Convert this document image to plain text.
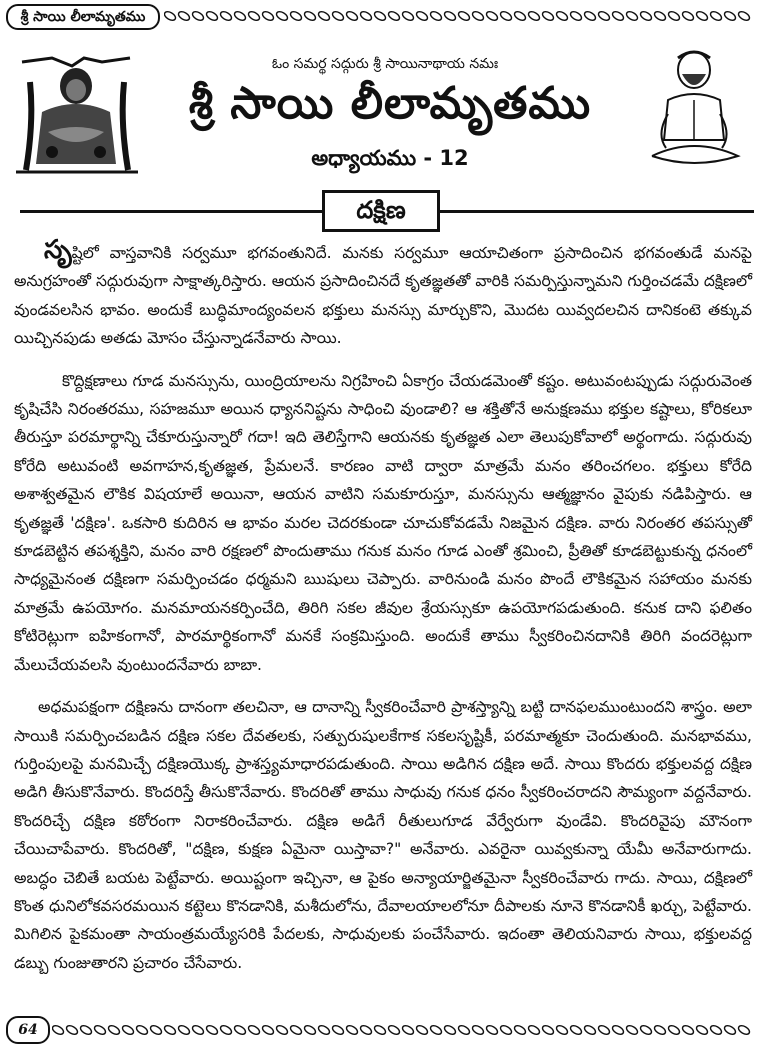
శ్రీ సాయి లీలామృతము
ఓం సమర్థ సద్గురు శ్రీ సాయినాథాయ నమః
శ్రీ సాయి లీలామృతము
అధ్యాయము - 12
దక్షిణ

సృష్టిలో వాస్తవానికి సర్వమూ భగవంతునిదే. మనకు సర్వమూ ఆయాచితంగా ప్రసాదించిన భగవంతుడే మనపై అనుగ్రహంతో సద్గురువుగా సాక్షాత్కరిస్తారు. ఆయన ప్రసాదించినదే కృతజ్ఞతతో వారికి సమర్పిస్తున్నామని గుర్తించడమే దక్షిణలో వుండవలసిన భావం. అందుకే బుద్ధిమాంద్యంవలన భక్తులు మనస్సు మార్చుకొని, మొదట యివ్వదలచిన దానికంటె తక్కువ యిచ్చినపుడు అతడు మోసం చేస్తున్నాడనేవారు సాయి.

కొద్దిక్షణాలు గూడ మనస్సును, యింద్రియాలను నిగ్రహించి ఏకాగ్రం చేయడమెంతో కష్టం. అటువంటప్పుడు సద్గురువెంత కృషిచేసి నిరంతరము, సహజమూ అయిన ధ్యాననిష్టను సాధించి వుండాలి? ఆ శక్తితోనే అనుక్షణము భక్తుల కష్టాలు, కోరికలూ తీరుస్తూ పరమార్థాన్ని చేకూరుస్తున్నారో గదా! ఇది తెలిస్తేగాని ఆయనకు కృతజ్ఞత ఎలా తెలుపుకోవాలో అర్థంగాదు. సద్గురువు కోరేది అటువంటి అవగాహన,కృతజ్ఞత, ప్రేమలనే. కారణం వాటి ద్వారా మాత్రమే మనం తరించగలం. భక్తులు కోరేది అశాశ్వతమైన లౌకిక విషయాలే అయినా, ఆయన వాటిని సమకూరుస్తూ, మనస్సును ఆత్మజ్ఞానం వైపుకు నడిపిస్తారు. ఆ కృతజ్ఞతే 'దక్షిణ'. ఒకసారి కుదిరిన ఆ భావం మరల చెదరకుండా చూచుకోవడమే నిజమైన దక్షిణ. వారు నిరంతర తపస్సుతో కూడబెట్టిన తపశ్శక్తిని, మనం వారి రక్షణలో పొందుతాము గనుక మనం గూడ ఎంతో శ్రమించి, ప్రీతితో కూడబెట్టుకున్న ధనంలో సాధ్యమైనంత దక్షిణగా సమర్పించడం ధర్మమని ఋషులు చెప్పారు. వారినుండి మనం పొందే లౌకికమైన సహాయం మనకు మాత్రమే ఉపయోగం. మనమాయనకర్పించేది, తిరిగి సకల జీవుల శ్రేయస్సుకూ ఉపయోగపడుతుంది. కనుక దాని ఫలితం కోటిరెట్లుగా ఐహికంగానో, పారమార్థికంగానో మనకే సంక్రమిస్తుంది. అందుకే తాము స్వీకరించినదానికి తిరిగి వందరెట్లుగా మేలుచేయవలసి వుంటుందనేవారు బాబా.

అధమపక్షంగా దక్షిణను దానంగా తలచినా, ఆ దానాన్ని స్వీకరించేవారి ప్రాశస్త్యాన్ని బట్టి దానఫలముంటుందని శాస్త్రం. అలా సాయికి సమర్పించబడిన దక్షిణ సకల దేవతలకు, సత్పురుషులకేగాక సకలసృష్టికీ, పరమాత్మకూ చెందుతుంది. మనభావము, గుర్తింపులపై మనమిచ్చే దక్షిణయొక్క ప్రాశస్త్యమాధారపడుతుంది. సాయి అడిగిన దక్షిణ అదే. సాయి కొందరు భక్తులవద్ద దక్షిణ అడిగి తీసుకొనేవారు. కొందరిస్తే తీసుకొనేవారు. కొందరితో తాము సాధువు గనుక ధనం స్వీకరించరాదని సౌమ్యంగా వద్దనేవారు. కొందరిచ్చే దక్షిణ కఠోరంగా నిరాకరించేవారు. దక్షిణ అడిగే రీతులుగూడ వేర్వేరుగా వుండేవి. కొందరివైపు మౌనంగా చేయిచాపేవారు. కొందరితో, "దక్షిణ, కుక్షణ ఏమైనా యిస్తావా?" అనేవారు. ఎవరైనా యివ్వకున్నా యేమీ అనేవారుగాదు. అబద్ధం చెబితే బయట పెట్టేవారు. అయిష్టంగా ఇచ్చినా, ఆ పైకం అన్యాయార్జితమైనా స్వీకరించేవారు గాదు. సాయి, దక్షిణలో కొంత ధునిలోకవసరమయిన కట్టెలు కొనడానికి, మశీదులోను, దేవాలయాలలోనూ దీపాలకు నూనె కొనడానికీ ఖర్చు, పెట్టేవారు. మిగిలిన పైకమంతా సాయంత్రమయ్యేసరికి పేదలకు, సాధువులకు పంచేసేవారు. ఇదంతా తెలియనివారు సాయి, భక్తులవద్ద డబ్బు గుంజుతారని ప్రచారం చేసేవారు.

64
